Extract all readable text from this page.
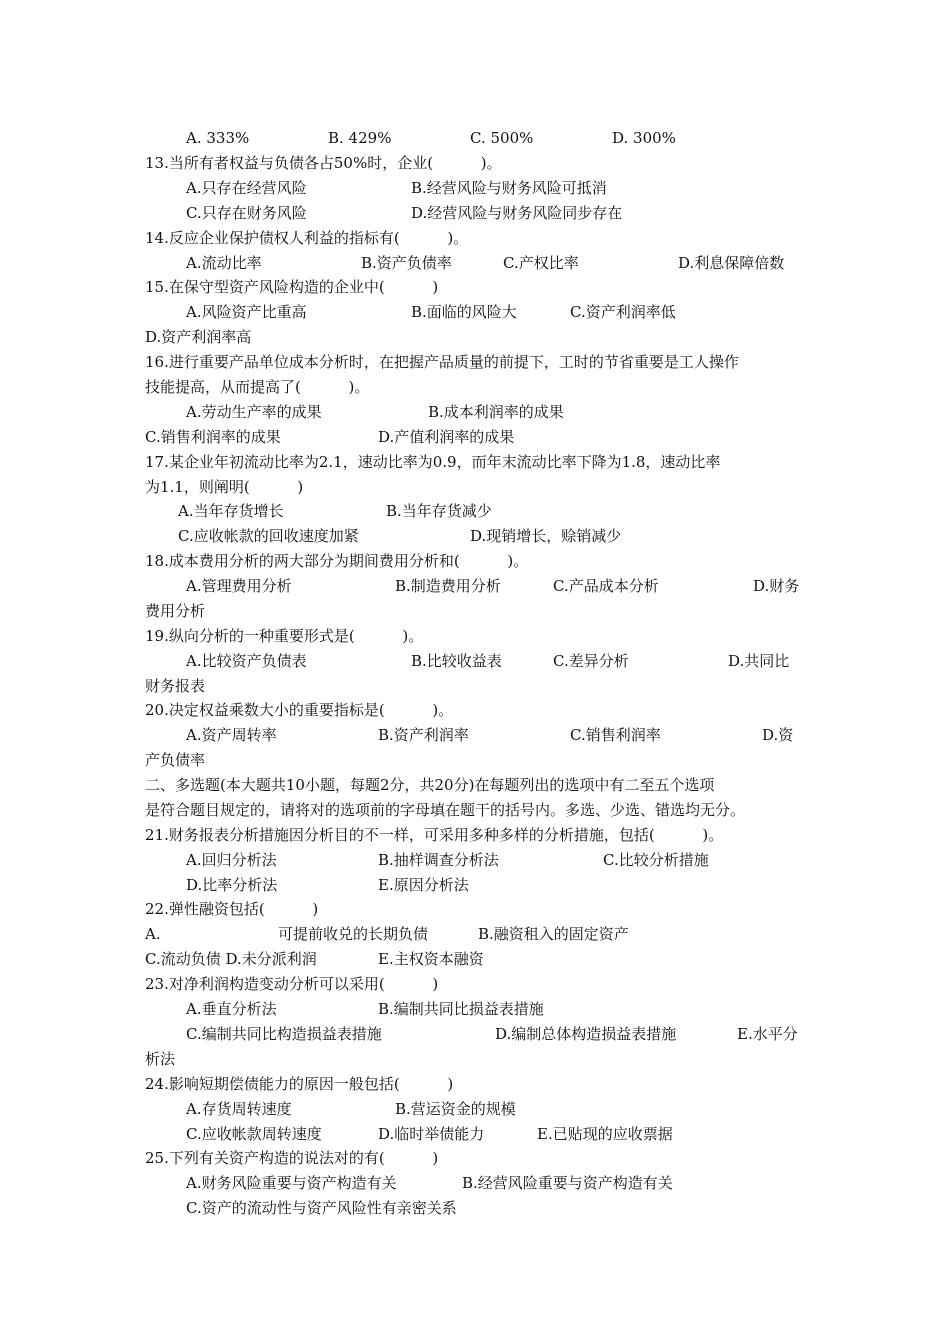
A. 333%	B. 429%	C. 500%	D. 300%
13.当所有者权益与负债各占50%时，企业(          )。
A.只存在经营风险	B.经营风险与财务风险可抵消
C.只存在财务风险	D.经营风险与财务风险同步存在
14.反应企业保护债权人利益的指标有(          )。
A.流动比率	B.资产负债率	C.产权比率	D.利息保障倍数
15.在保守型资产风险构造的企业中(          )
A.风险资产比重高	B.面临的风险大	C.资产利润率低
D.资产利润率高
16.进行重要产品单位成本分析时，在把握产品质量的前提下，工时的节省重要是工人操作
技能提高，从而提高了(          )。
A.劳动生产率的成果	B.成本利润率的成果
C.销售利润率的成果	D.产值利润率的成果
17.某企业年初流动比率为2.1，速动比率为0.9，而年末流动比率下降为1.8，速动比率
为1.1，则阐明(          )
A.当年存货增长	B.当年存货减少
C.应收帐款的回收速度加紧	D.现销增长，赊销减少
18.成本费用分析的两大部分为期间费用分析和(          )。
A.管理费用分析	B.制造费用分析	C.产品成本分析	D.财务
费用分析
19.纵向分析的一种重要形式是(          )。
A.比较资产负债表	B.比较收益表	C.差异分析	D.共同比
财务报表
20.决定权益乘数大小的重要指标是(          )。
A.资产周转率	B.资产利润率	C.销售利润率	D.资
产负债率
二、多选题(本大题共10小题，每题2分，共20分)在每题列出的选项中有二至五个选项
是符合题目规定的，请将对的选项前的字母填在题干的括号内。多选、少选、错选均无分。
21.财务报表分析措施因分析目的不一样，可采用多种多样的分析措施，包括(          )。
A.回归分析法	B.抽样调查分析法	C.比较分析措施
D.比率分析法	E.原因分析法
22.弹性融资包括(          )
A.	可提前收兑的长期负债	B.融资租入的固定资产
C.流动负债 D.未分派利润	E.主权资本融资
23.对净利润构造变动分析可以采用(          )
A.垂直分析法	B.编制共同比损益表措施
C.编制共同比构造损益表措施	D.编制总体构造损益表措施	E.水平分
析法
24.影响短期偿债能力的原因一般包括(          )
A.存货周转速度	B.营运资金的规模
C.应收帐款周转速度	D.临时举债能力	E.已贴现的应收票据
25.下列有关资产构造的说法对的有(          )
A.财务风险重要与资产构造有关	B.经营风险重要与资产构造有关
C.资产的流动性与资产风险性有亲密关系
